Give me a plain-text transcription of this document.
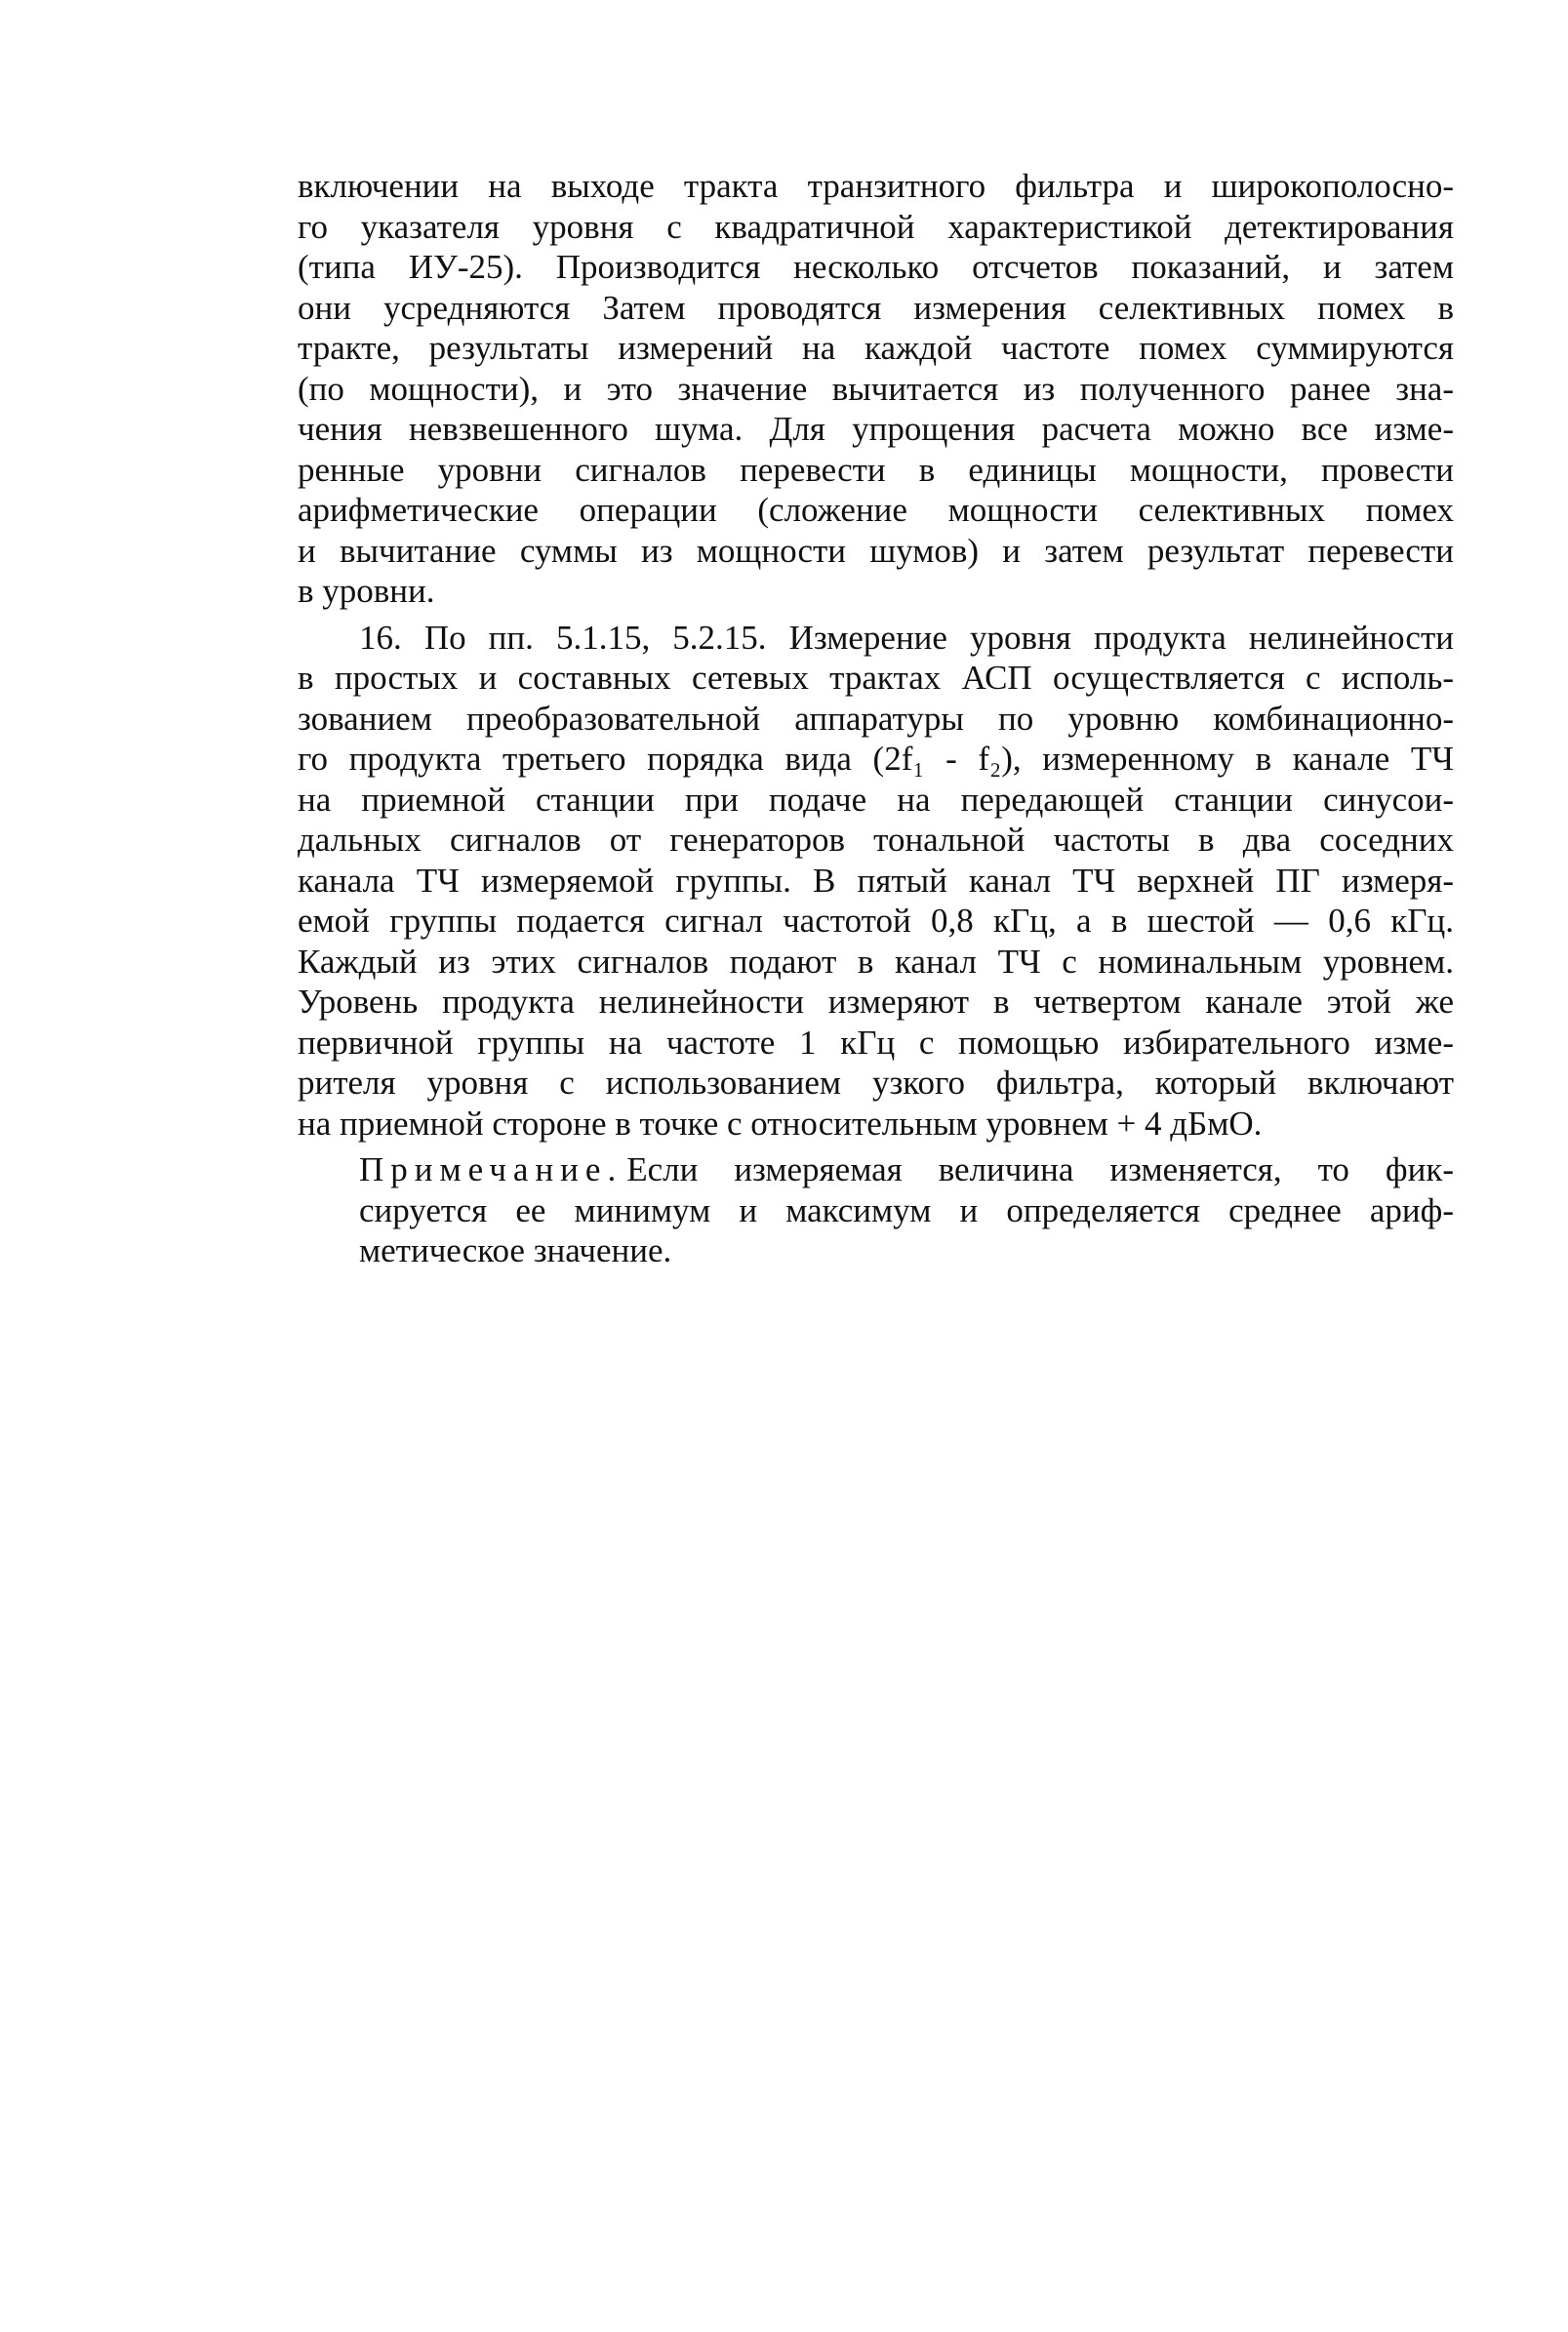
включении на выходе тракта транзитного фильтра и широкополосно-
го указателя уровня с квадратичной характеристикой детектирования
(типа ИУ-25). Производится несколько отсчетов показаний, и затем
они усредняются Затем проводятся измерения селективных помех в
тракте, результаты измерений на каждой частоте помех суммируются
(по мощности), и это значение вычитается из полученного ранее зна-
чения невзвешенного шума. Для упрощения расчета можно все изме-
ренные уровни сигналов перевести в единицы мощности, провести
арифметические операции (сложение мощности селективных помех
и вычитание суммы из мощности шумов) и затем результат перевести
в уровни.
16. По пп. 5.1.15, 5.2.15. Измерение уровня продукта нелинейности
в простых и составных сетевых трактах АСП осуществляется с исполь-
зованием преобразовательной аппаратуры по уровню комбинационно-
го продукта третьего порядка вида (2f₁ - f₂), измеренному в канале ТЧ
на приемной станции при подаче на передающей станции синусои-
дальных сигналов от генераторов тональной частоты в два соседних
канала ТЧ измеряемой группы. В пятый канал ТЧ верхней ПГ измеря-
емой группы подается сигнал частотой 0,8 кГц, а в шестой — 0,6 кГц.
Каждый из этих сигналов подают в канал ТЧ с номинальным уровнем.
Уровень продукта нелинейности измеряют в четвертом канале этой же
первичной группы на частоте 1 кГц с помощью избирательного изме-
рителя уровня с использованием узкого фильтра, который включают
на приемной стороне в точке с относительным уровнем + 4 дБмО.
Примечание. Если измеряемая величина изменяется, то фик-
сируется ее минимум и максимум и определяется среднее ариф-
метическое значение.
